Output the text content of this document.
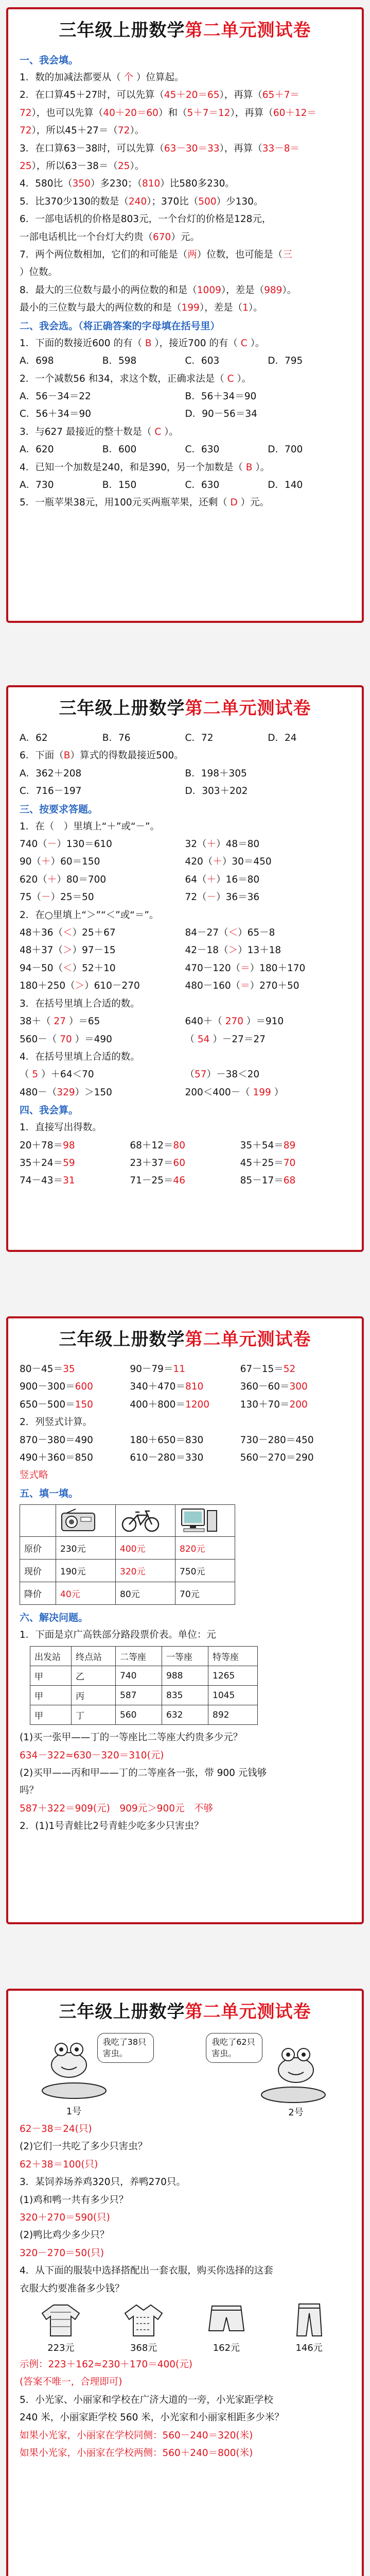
三年级上册数学第二单元测试卷
一、我会填。
1．数的加减法都要从（ 个 ）位算起。
2．在口算45＋27时，可以先算（45＋20＝65），再算（65＋7＝
72），也可以先算（40＋20＝60）和（5＋7＝12），再算（60＋12＝
72），所以45＋27＝（72）。
3．在口算63－38时，可以先算（63－30＝33），再算（33－8＝
25），所以63－38＝（25）。
4．580比（350）多230；（810）比580多230。
5．比370少130的数是（240）；370比（500）少130。
6．一部电话机的价格是803元，一个台灯的价格是128元，
一部电话机比一个台灯大约贵（670）元。
7．两个两位数相加，它们的和可能是（两）位数，也可能是（三
）位数。
8．最大的三位数与最小的两位数的和是（1009），差是（989）。
最小的三位数与最大的两位数的和是（199），差是（1）。
二、我会选。（将正确答案的字母填在括号里）
1．下面的数接近600 的有（ B ），接近700 的有（ C ）。
A．698	B．598	C．603	D．795
2．一个减数56 和34，求这个数，正确求法是（ C ）。
A．56－34＝22	B．56＋34＝90
C．56＋34＝90	D．90－56＝34
3．与627 最接近的整十数是（ C ）。
A．620	B．600	C．630	D．700
4．已知一个加数是240，和是390，另一个加数是（ B ）。
A．730	B．150	C．630	D．140
5．一瓶苹果38元，用100元买两瓶苹果，还剩（ D ）元。
三年级上册数学第二单元测试卷
A．62	B．76	C．72	D．24
6．下面（B）算式的得数最接近500。
A．362＋208	B．198＋305
C．716－197	D．303＋202
三、按要求答题。
1．在（　）里填上“＋”或“－”。
740（－）130＝610	32（＋）48＝80
90（＋）60＝150	420（＋）30＝450
620（＋）80＝700	64（＋）16＝80
75（－）25＝50	72（－）36＝36
2．在○里填上“＞”“＜”或“＝”。
48＋36（＜）25＋67	84－27（＜）65－8
48＋37（＞）97－15	42－18（＞）13＋18
94－50（＜）52＋10	470－120（＝）180＋170
180＋250（＞）610－270	480－160（＝）270＋50
3．在括号里填上合适的数。
38＋（ 27 ）＝65	640＋（ 270 ）＝910
560－（ 70 ）＝490	（ 54 ）－27＝27
4．在括号里填上合适的数。
（ 5 ）＋64＜70	（57）－38＜20
480－（329）＞150	200＜400－（ 199 ）
四、我会算。
1．直接写出得数。
20＋78＝98	68＋12＝80	35＋54＝89
35＋24＝59	23＋37＝60	45＋25＝70
74－43＝31	71－25＝46	85－17＝68
三年级上册数学第二单元测试卷
80－45＝35	90－79＝11	67－15＝52
900－300＝600	340＋470＝810	360－60＝300
650－500＝150	400＋800＝1200	130＋70＝200
2．列竖式计算。
870－380＝490	180＋650＝830	730－280＝450
490＋360＝850	610－280＝330	560－270＝290
竖式略
五、填一填。

原价	230元	400元	820元
现价	190元	320元	750元
降价	40元	80元	70元
六、解决问题。
1．下面是京广高铁部分路段票价表。单位：元
出发站	终点站	二等座	一等座	特等座
甲	乙	740	988	1265
甲	丙	587	835	1045
甲	丁	560	632	892
(1)买一张甲——丁的一等座比二等座大约贵多少元？
634－322≈630－320＝310(元)
(2)买甲——丙和甲——丁的二等座各一张，带 900 元钱够
吗？
587＋322＝909(元)　909元＞900元　不够
2．(1)1号青蛙比2号青蛙少吃多少只害虫？
三年级上册数学第二单元测试卷
我吃了38只害虫。
1号
我吃了62只害虫。
2号
62－38＝24(只)
(2)它们一共吃了多少只害虫？
62＋38＝100(只)
3．某饲养场养鸡320只，养鸭270只。
(1)鸡和鸭一共有多少只？
320＋270＝590(只)
(2)鸭比鸡少多少只？
320－270＝50(只)
4．从下面的服装中选择搭配出一套衣服，购买你选择的这套
衣服大约要准备多少钱？
223元	368元	162元	146元
示例：223＋162≈230＋170＝400(元)
(答案不唯一，合理即可)
5．小光家、小丽家和学校在广济大道的一旁，小光家距学校
240 米，小丽家距学校 560 米，小光家和小丽家相距多少米？
如果小光家，小丽家在学校同侧：560－240＝320(米)
如果小光家，小丽家在学校两侧：560＋240＝800(米)
